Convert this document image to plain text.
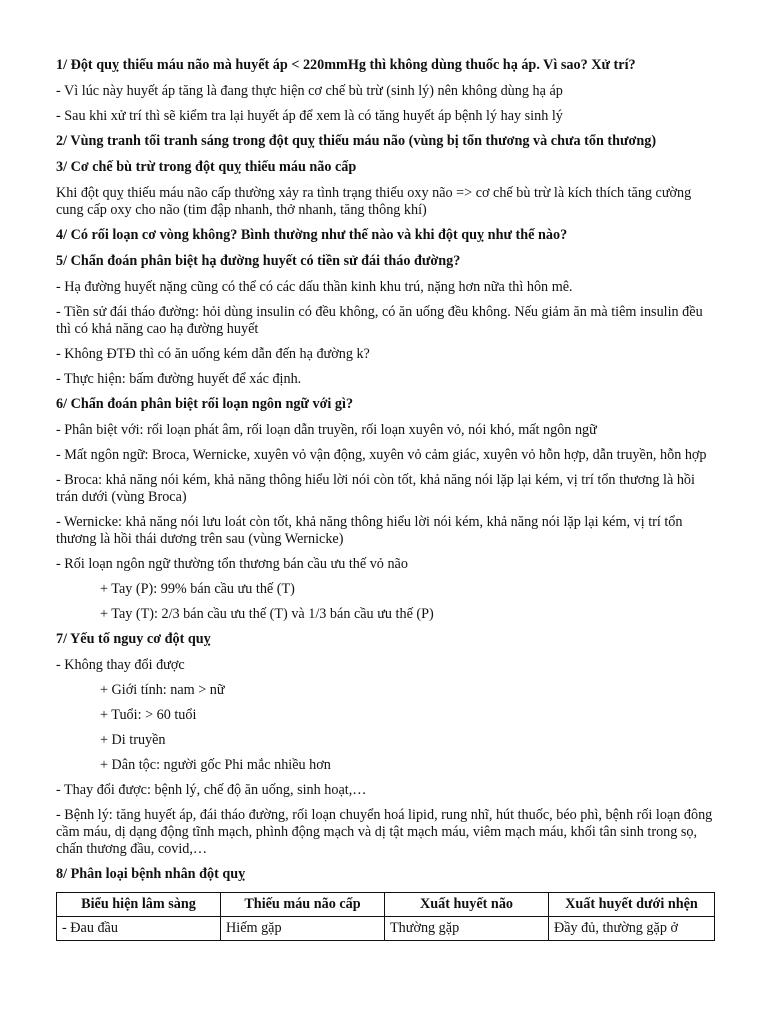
1/ Đột quỵ thiếu máu não mà huyết áp < 220mmHg thì không dùng thuốc hạ áp. Vì sao? Xử trí?

- Vì lúc này huyết áp tăng là đang thực hiện cơ chế bù trừ (sinh lý) nên không dùng hạ áp

- Sau khi xử trí thì sẽ kiểm tra lại huyết áp để xem là có tăng huyết áp bệnh lý hay sinh lý

2/ Vùng tranh tối tranh sáng trong đột quỵ thiếu máu não (vùng bị tổn thương và chưa tổn thương)

3/ Cơ chế bù trừ trong đột quỵ thiếu máu não cấp

Khi đột quỵ thiếu máu não cấp thường xảy ra tình trạng thiếu oxy não => cơ chế bù trừ là kích thích tăng cường cung cấp oxy cho não (tim đập nhanh, thở nhanh, tăng thông khí)

4/ Có rối loạn cơ vòng không? Bình thường như thế nào và khi đột quỵ như thế nào?

5/ Chẩn đoán phân biệt hạ đường huyết có tiền sử đái tháo đường?

- Hạ đường huyết nặng cũng có thể có các dấu thần kinh khu trú, nặng hơn nữa thì hôn mê.

- Tiền sử đái tháo đường: hỏi dùng insulin có đều không, có ăn uống đều không. Nếu giảm ăn mà tiêm insulin đều thì có khả năng cao hạ đường huyết

- Không ĐTĐ thì có ăn uống kém dẫn đến hạ đường k?

- Thực hiện: bấm đường huyết để xác định.

6/ Chẩn đoán phân biệt rối loạn ngôn ngữ với gì?

- Phân biệt với: rối loạn phát âm, rối loạn dẫn truyền, rối loạn xuyên vỏ, nói khó, mất ngôn ngữ

- Mất ngôn ngữ: Broca, Wernicke, xuyên vỏ vận động, xuyên vỏ cảm giác, xuyên vỏ hỗn hợp, dẫn truyền, hỗn hợp

- Broca: khả năng nói kém, khả năng thông hiểu lời nói còn tốt, khả năng nói lặp lại kém, vị trí tổn thương là hồi trán dưới (vùng Broca)

- Wernicke: khả năng nói lưu loát còn tốt, khả năng thông hiểu lời nói kém, khả năng nói lặp lại kém, vị trí tổn thương là hồi thái dương trên sau (vùng Wernicke)

- Rối loạn ngôn ngữ thường tổn thương bán cầu ưu thế vỏ não

+ Tay (P): 99% bán cầu ưu thế (T)

+ Tay (T): 2/3 bán cầu ưu thế (T) và 1/3 bán cầu ưu thế (P)

7/ Yếu tố nguy cơ đột quỵ

- Không thay đổi được

+ Giới tính: nam > nữ

+ Tuổi: > 60 tuổi

+ Di truyền

+ Dân tộc: người gốc Phi mắc nhiều hơn

- Thay đổi được: bệnh lý, chế độ ăn uống, sinh hoạt,…

- Bệnh lý: tăng huyết áp, đái tháo đường, rối loạn chuyển hoá lipid, rung nhĩ, hút thuốc, béo phì, bệnh rối loạn đông cầm máu, dị dạng động tĩnh mạch, phình động mạch và dị tật mạch máu, viêm mạch máu, khối tân sinh trong sọ, chấn thương đầu, covid,…

8/ Phân loại bệnh nhân đột quỵ

Biểu hiện lâm sàng	Thiếu máu não cấp	Xuất huyết não	Xuất huyết dưới nhện
- Đau đầu	Hiếm gặp	Thường gặp	Đầy đủ, thường gặp ở
